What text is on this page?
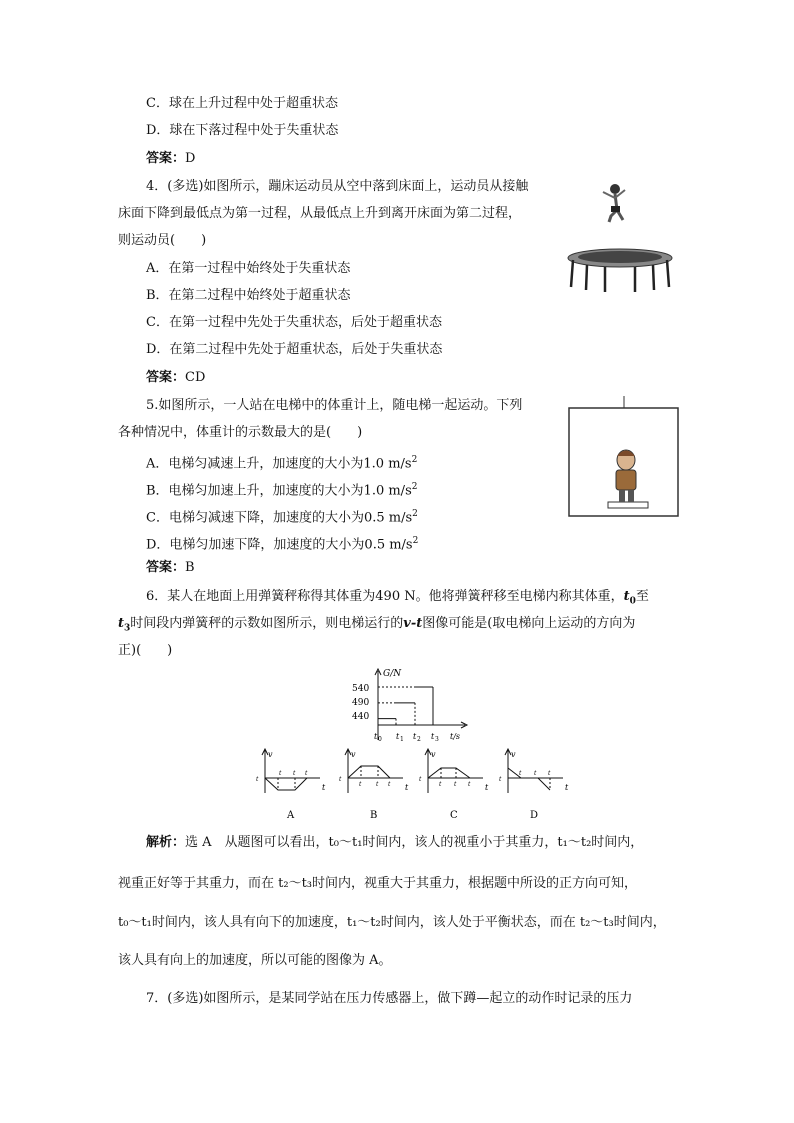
C．球在上升过程中处于超重状态
D．球在下落过程中处于失重状态
答案：D
4．(多选)如图所示，蹦床运动员从空中落到床面上，运动员从接触
床面下降到最低点为第一过程，从最低点上升到离开床面为第二过程，
则运动员(　　)
A．在第一过程中始终处于失重状态
B．在第二过程中始终处于超重状态
C．在第一过程中先处于失重状态，后处于超重状态
D．在第二过程中先处于超重状态，后处于失重状态
答案：CD
5.如图所示，一人站在电梯中的体重计上，随电梯一起运动。下列
各种情况中，体重计的示数最大的是(　　)
A．电梯匀减速上升，加速度的大小为1.0 $m/s^2$
B．电梯匀加速上升，加速度的大小为1.0 $m/s^2$
C．电梯匀减速下降，加速度的大小为0.5 $m/s^2$
D．电梯匀加速下降，加速度的大小为0.5 $m/s^2$
答案：B
6．某人在地面上用弹簧秤称得其体重为490 N。他将弹簧秤移至电梯内称其体重，$t_0$至
$t_3$时间段内弹簧秤的示数如图所示，则电梯运行的v-t图像可能是(取电梯向上运动的方向为
正)(　　)
G/N
540
490
440
t 0 t 1 t 2 t 3 t/s
v
t
t t t
t
A
v
t
t t t
t
B
v
t
t t t
t
C
v
t
t t t
t
D
解析：选 A　从题图可以看出，t₀～t₁时间内，该人的视重小于其重力，t₁～t₂时间内，
视重正好等于其重力，而在 t₂～t₃时间内，视重大于其重力，根据题中所设的正方向可知，
t₀～t₁时间内，该人具有向下的加速度，t₁～t₂时间内，该人处于平衡状态，而在 t₂～t₃时间内，
该人具有向上的加速度，所以可能的图像为 A。
7．(多选)如图所示，是某同学站在压力传感器上，做下蹲—起立的动作时记录的压力
